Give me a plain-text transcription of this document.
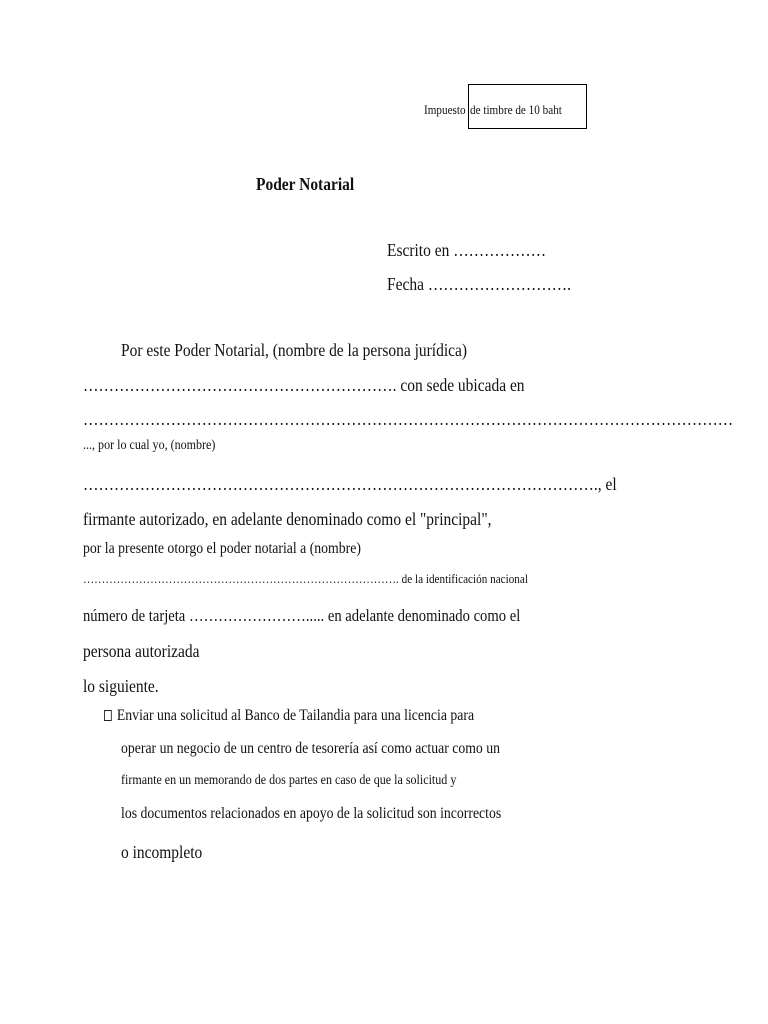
Impuesto de timbre de 10 baht
Poder Notarial
Escrito en ………………
Fecha ……………………….
Por este Poder Notarial, (nombre de la persona jurídica)
……………………………………………………. con sede ubicada en
………………………………………………………………………………………………………………
..., por lo cual yo, (nombre)
………………………………………………………………………………………., el
firmante autorizado, en adelante denominado como el "principal",
por la presente otorgo el poder notarial a (nombre)
…………………………………………………………………………. de la identificación nacional
número de tarjeta ……………………..... en adelante denominado como el
persona autorizada
lo siguiente.
Enviar una solicitud al Banco de Tailandia para una licencia para
operar un negocio de un centro de tesorería así como actuar como un
firmante en un memorando de dos partes en caso de que la solicitud y
los documentos relacionados en apoyo de la solicitud son incorrectos
o incompleto
